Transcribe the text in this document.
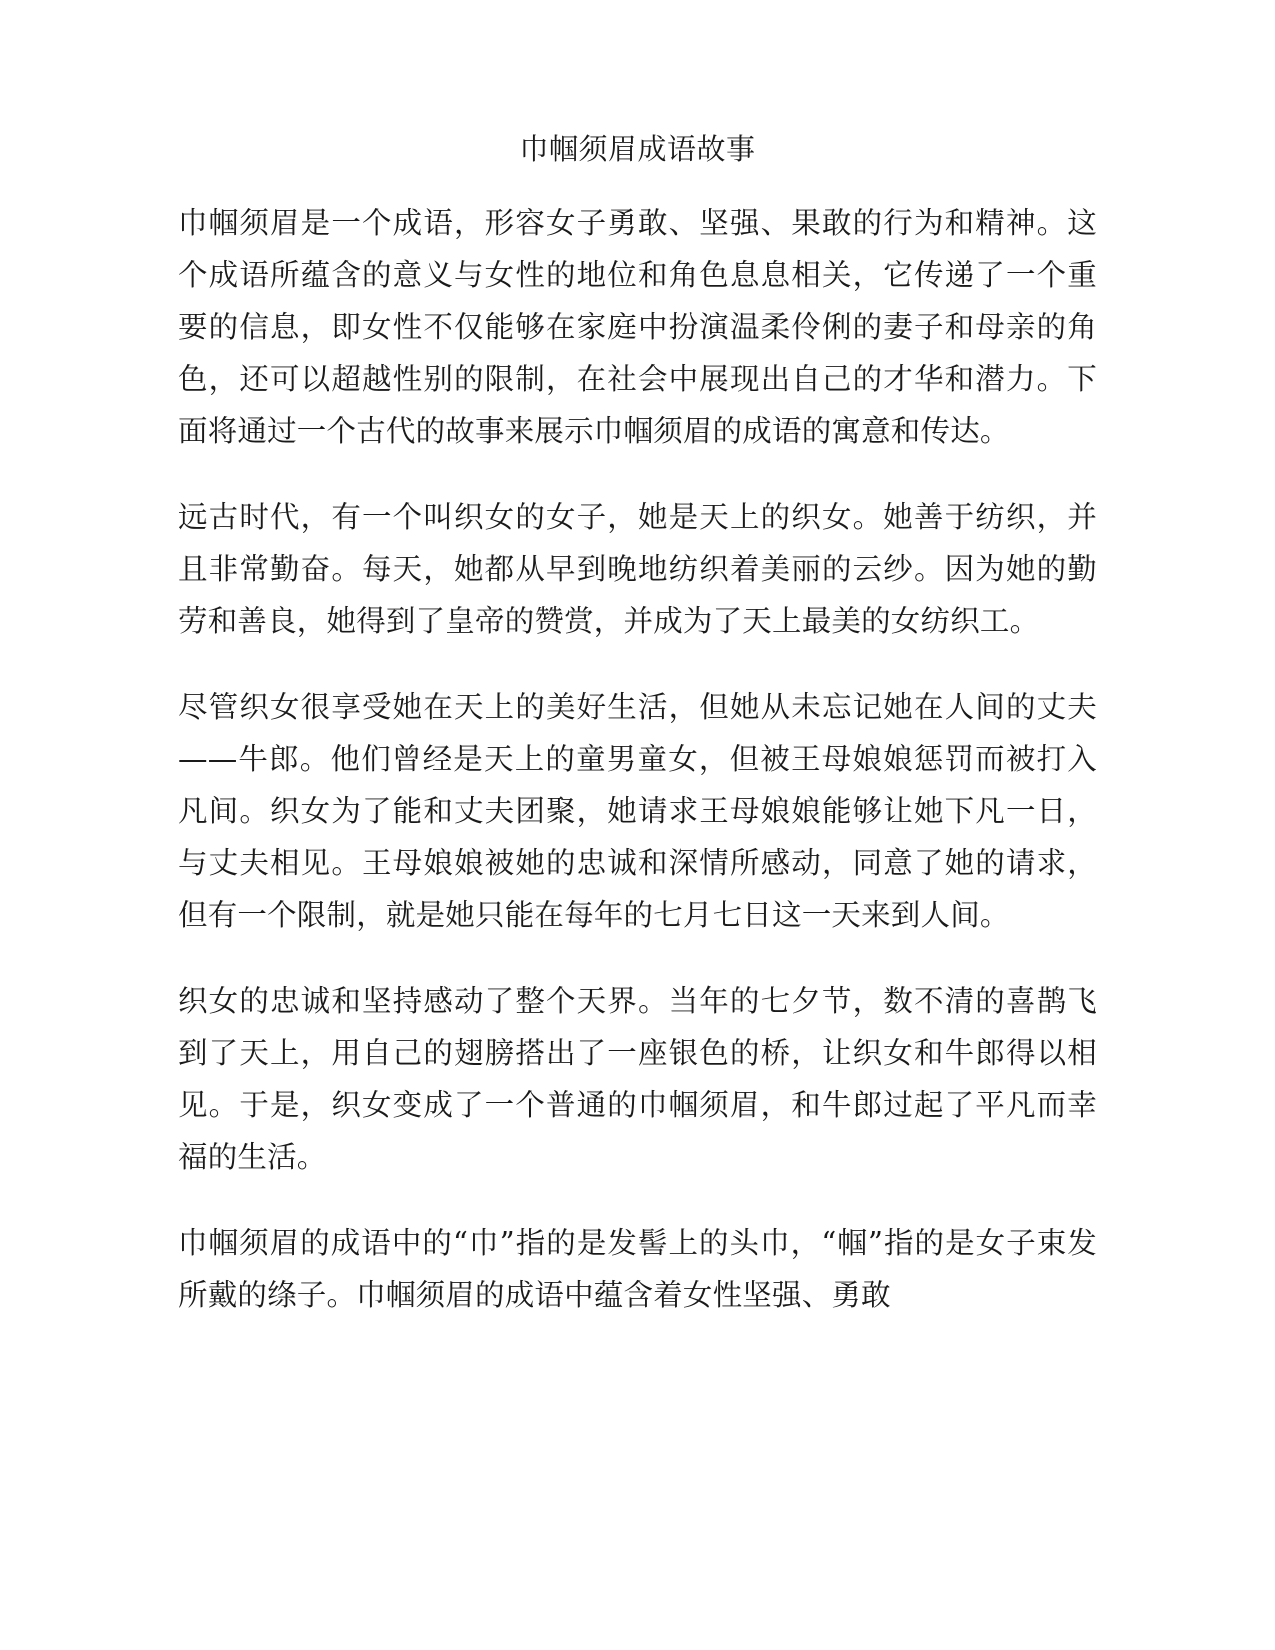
巾帼须眉成语故事

巾帼须眉是一个成语，形容女子勇敢、坚强、果敢的行为和精神。这个成语所蕴含的意义与女性的地位和角色息息相关，它传递了一个重要的信息，即女性不仅能够在家庭中扮演温柔伶俐的妻子和母亲的角色，还可以超越性别的限制，在社会中展现出自己的才华和潜力。下面将通过一个古代的故事来展示巾帼须眉的成语的寓意和传达。

远古时代，有一个叫织女的女子，她是天上的织女。她善于纺织，并且非常勤奋。每天，她都从早到晚地纺织着美丽的云纱。因为她的勤劳和善良，她得到了皇帝的赞赏，并成为了天上最美的女纺织工。

尽管织女很享受她在天上的美好生活，但她从未忘记她在人间的丈夫——牛郎。他们曾经是天上的童男童女，但被王母娘娘惩罚而被打入凡间。织女为了能和丈夫团聚，她请求王母娘娘能够让她下凡一日，与丈夫相见。王母娘娘被她的忠诚和深情所感动，同意了她的请求，但有一个限制，就是她只能在每年的七月七日这一天来到人间。

织女的忠诚和坚持感动了整个天界。当年的七夕节，数不清的喜鹊飞到了天上，用自己的翅膀搭出了一座银色的桥，让织女和牛郎得以相见。于是，织女变成了一个普通的巾帼须眉，和牛郎过起了平凡而幸福的生活。

巾帼须眉的成语中的“巾”指的是发髻上的头巾，“帼”指的是女子束发所戴的绦子。巾帼须眉的成语中蕴含着女性坚强、勇敢
